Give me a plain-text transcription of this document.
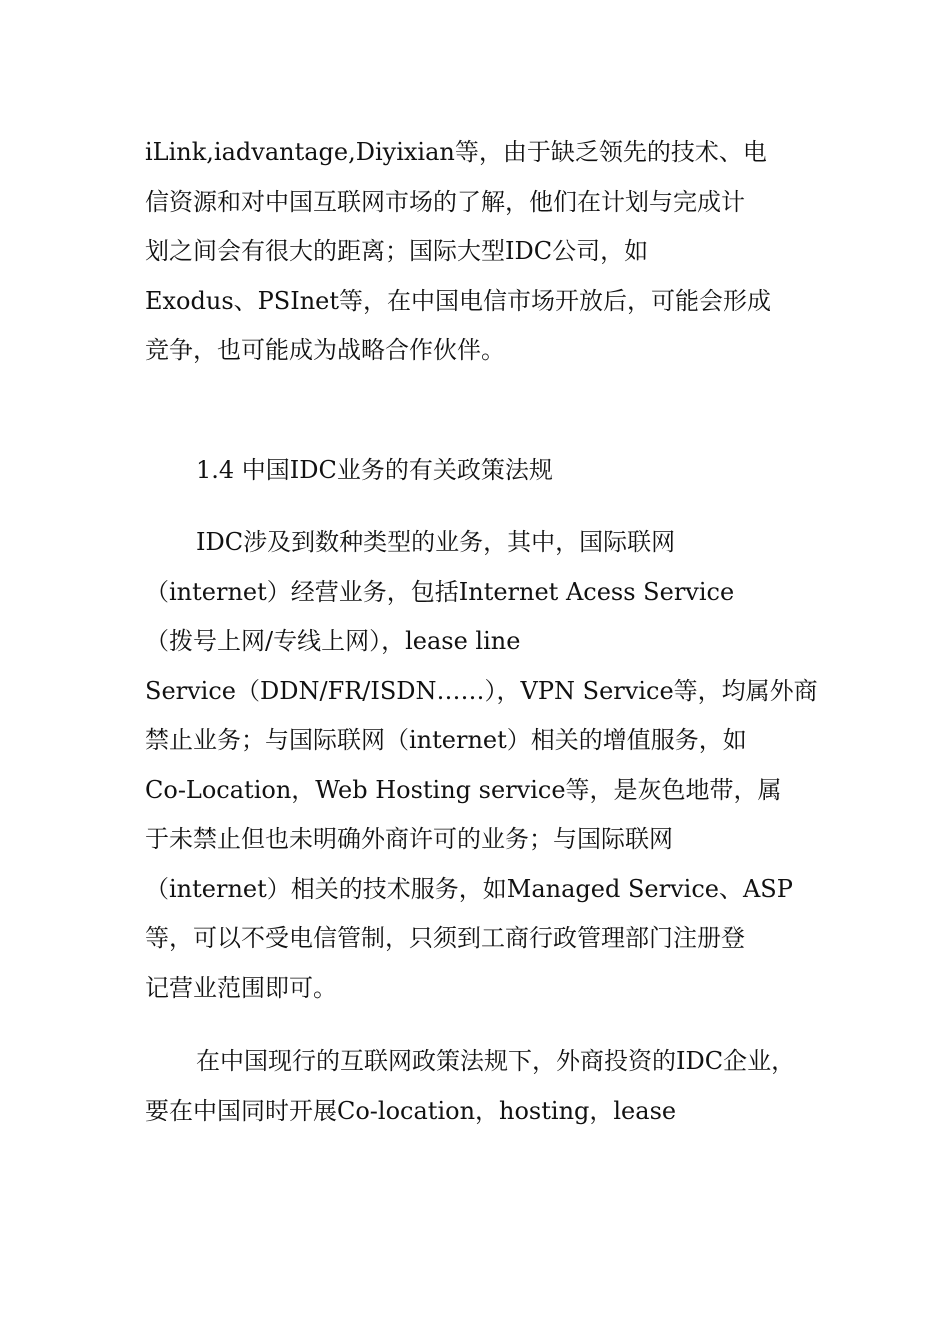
iLink,iadvantage,Diyixian等，由于缺乏领先的技术、电

信资源和对中国互联网市场的了解，他们在计划与完成计

划之间会有很大的距离；国际大型IDC公司，如

Exodus、PSInet等，在中国电信市场开放后，可能会形成

竞争，也可能成为战略合作伙伴。

1.4 中国IDC业务的有关政策法规

IDC涉及到数种类型的业务，其中，国际联网

（internet）经营业务，包括Internet Acess Service

（拨号上网/专线上网），lease line

Service（DDN/FR/ISDN……），VPN Service等，均属外商

禁止业务；与国际联网（internet）相关的增值服务，如

Co-Location，Web Hosting service等，是灰色地带，属

于未禁止但也未明确外商许可的业务；与国际联网

（internet）相关的技术服务，如Managed Service、ASP

等，可以不受电信管制，只须到工商行政管理部门注册登

记营业范围即可。

在中国现行的互联网政策法规下，外商投资的IDC企业，

要在中国同时开展Co-location，hosting，lease
